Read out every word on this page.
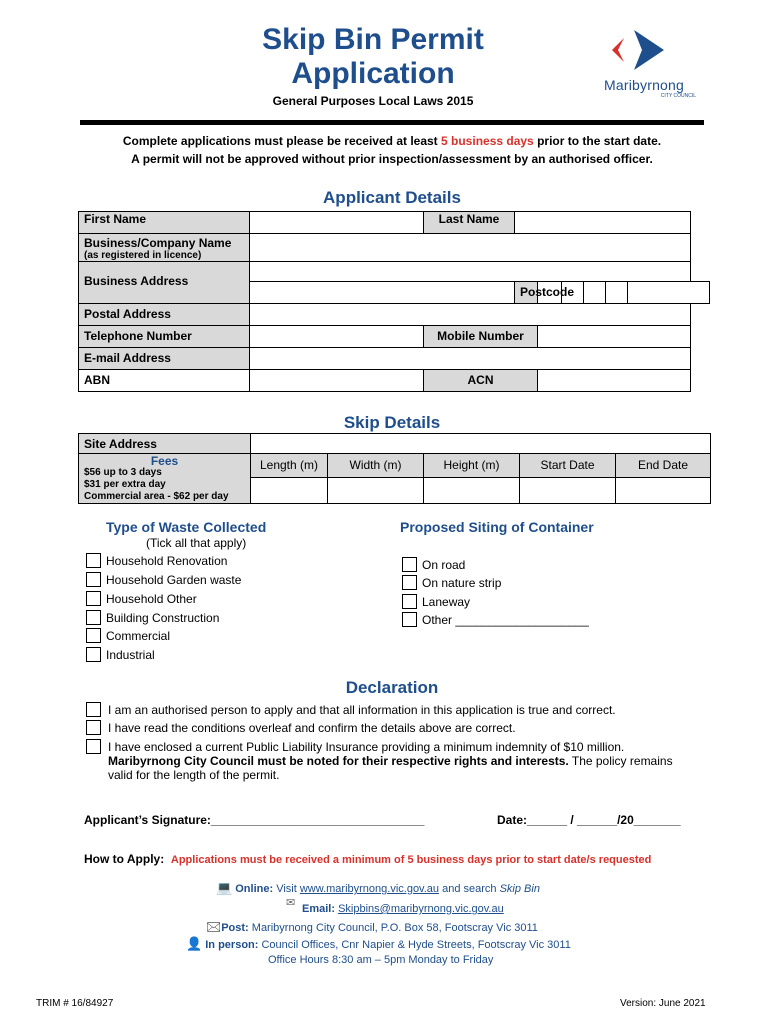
Skip Bin Permit
Application
General Purposes Local Laws 2015
Maribyrnong
CITY COUNCIL
Complete applications must please be received at least 5 business days prior to the start date.
A permit will not be approved without prior inspection/assessment by an authorised officer.
Applicant Details
First Name		Last Name						
Business/Company Name
(as registered in licence)								

Business Address								
			Postcode					
Postal Address								
Telephone Number		Mobile Number						
E-mail Address								
ABN		ACN						
Skip Details
Site Address					

Fees
$56 up to 3 days
$31 per extra day
Commercial area - $62 per day	Length (m)	Width (m)	Height (m)	Start Date	End Date

Type of Waste Collected
(Tick all that apply)
Household Renovation
Household Garden waste
Household Other
Building Construction
Commercial
Industrial
Proposed Siting of Container
On road
On nature strip
Laneway
Other ____________________
Declaration
I am an authorised person to apply and that all information in this application is true and correct.
I have read the conditions overleaf and confirm the details above are correct.
I have enclosed a current Public Liability Insurance providing a minimum indemnity of $10 million.
Maribyrnong City Council must be noted for their respective rights and interests. The policy remains valid for the length of the permit.
Applicant’s Signature:________________________________	Date:______ / ______/20_______
How to Apply: Applications must be received a minimum of 5 business days prior to start date/s requested
💻 Online: Visit www.maribyrnong.vic.gov.au and search Skip Bin
✉ Email: Skipbins@maribyrnong.vic.gov.au
🖂Post: Maribyrnong City Council, P.O. Box 58, Footscray Vic 3011
👤 In person: Council Offices, Cnr Napier & Hyde Streets, Footscray Vic 3011
Office Hours 8:30 am – 5pm Monday to Friday
TRIM # 16/84927	Version: June 2021
